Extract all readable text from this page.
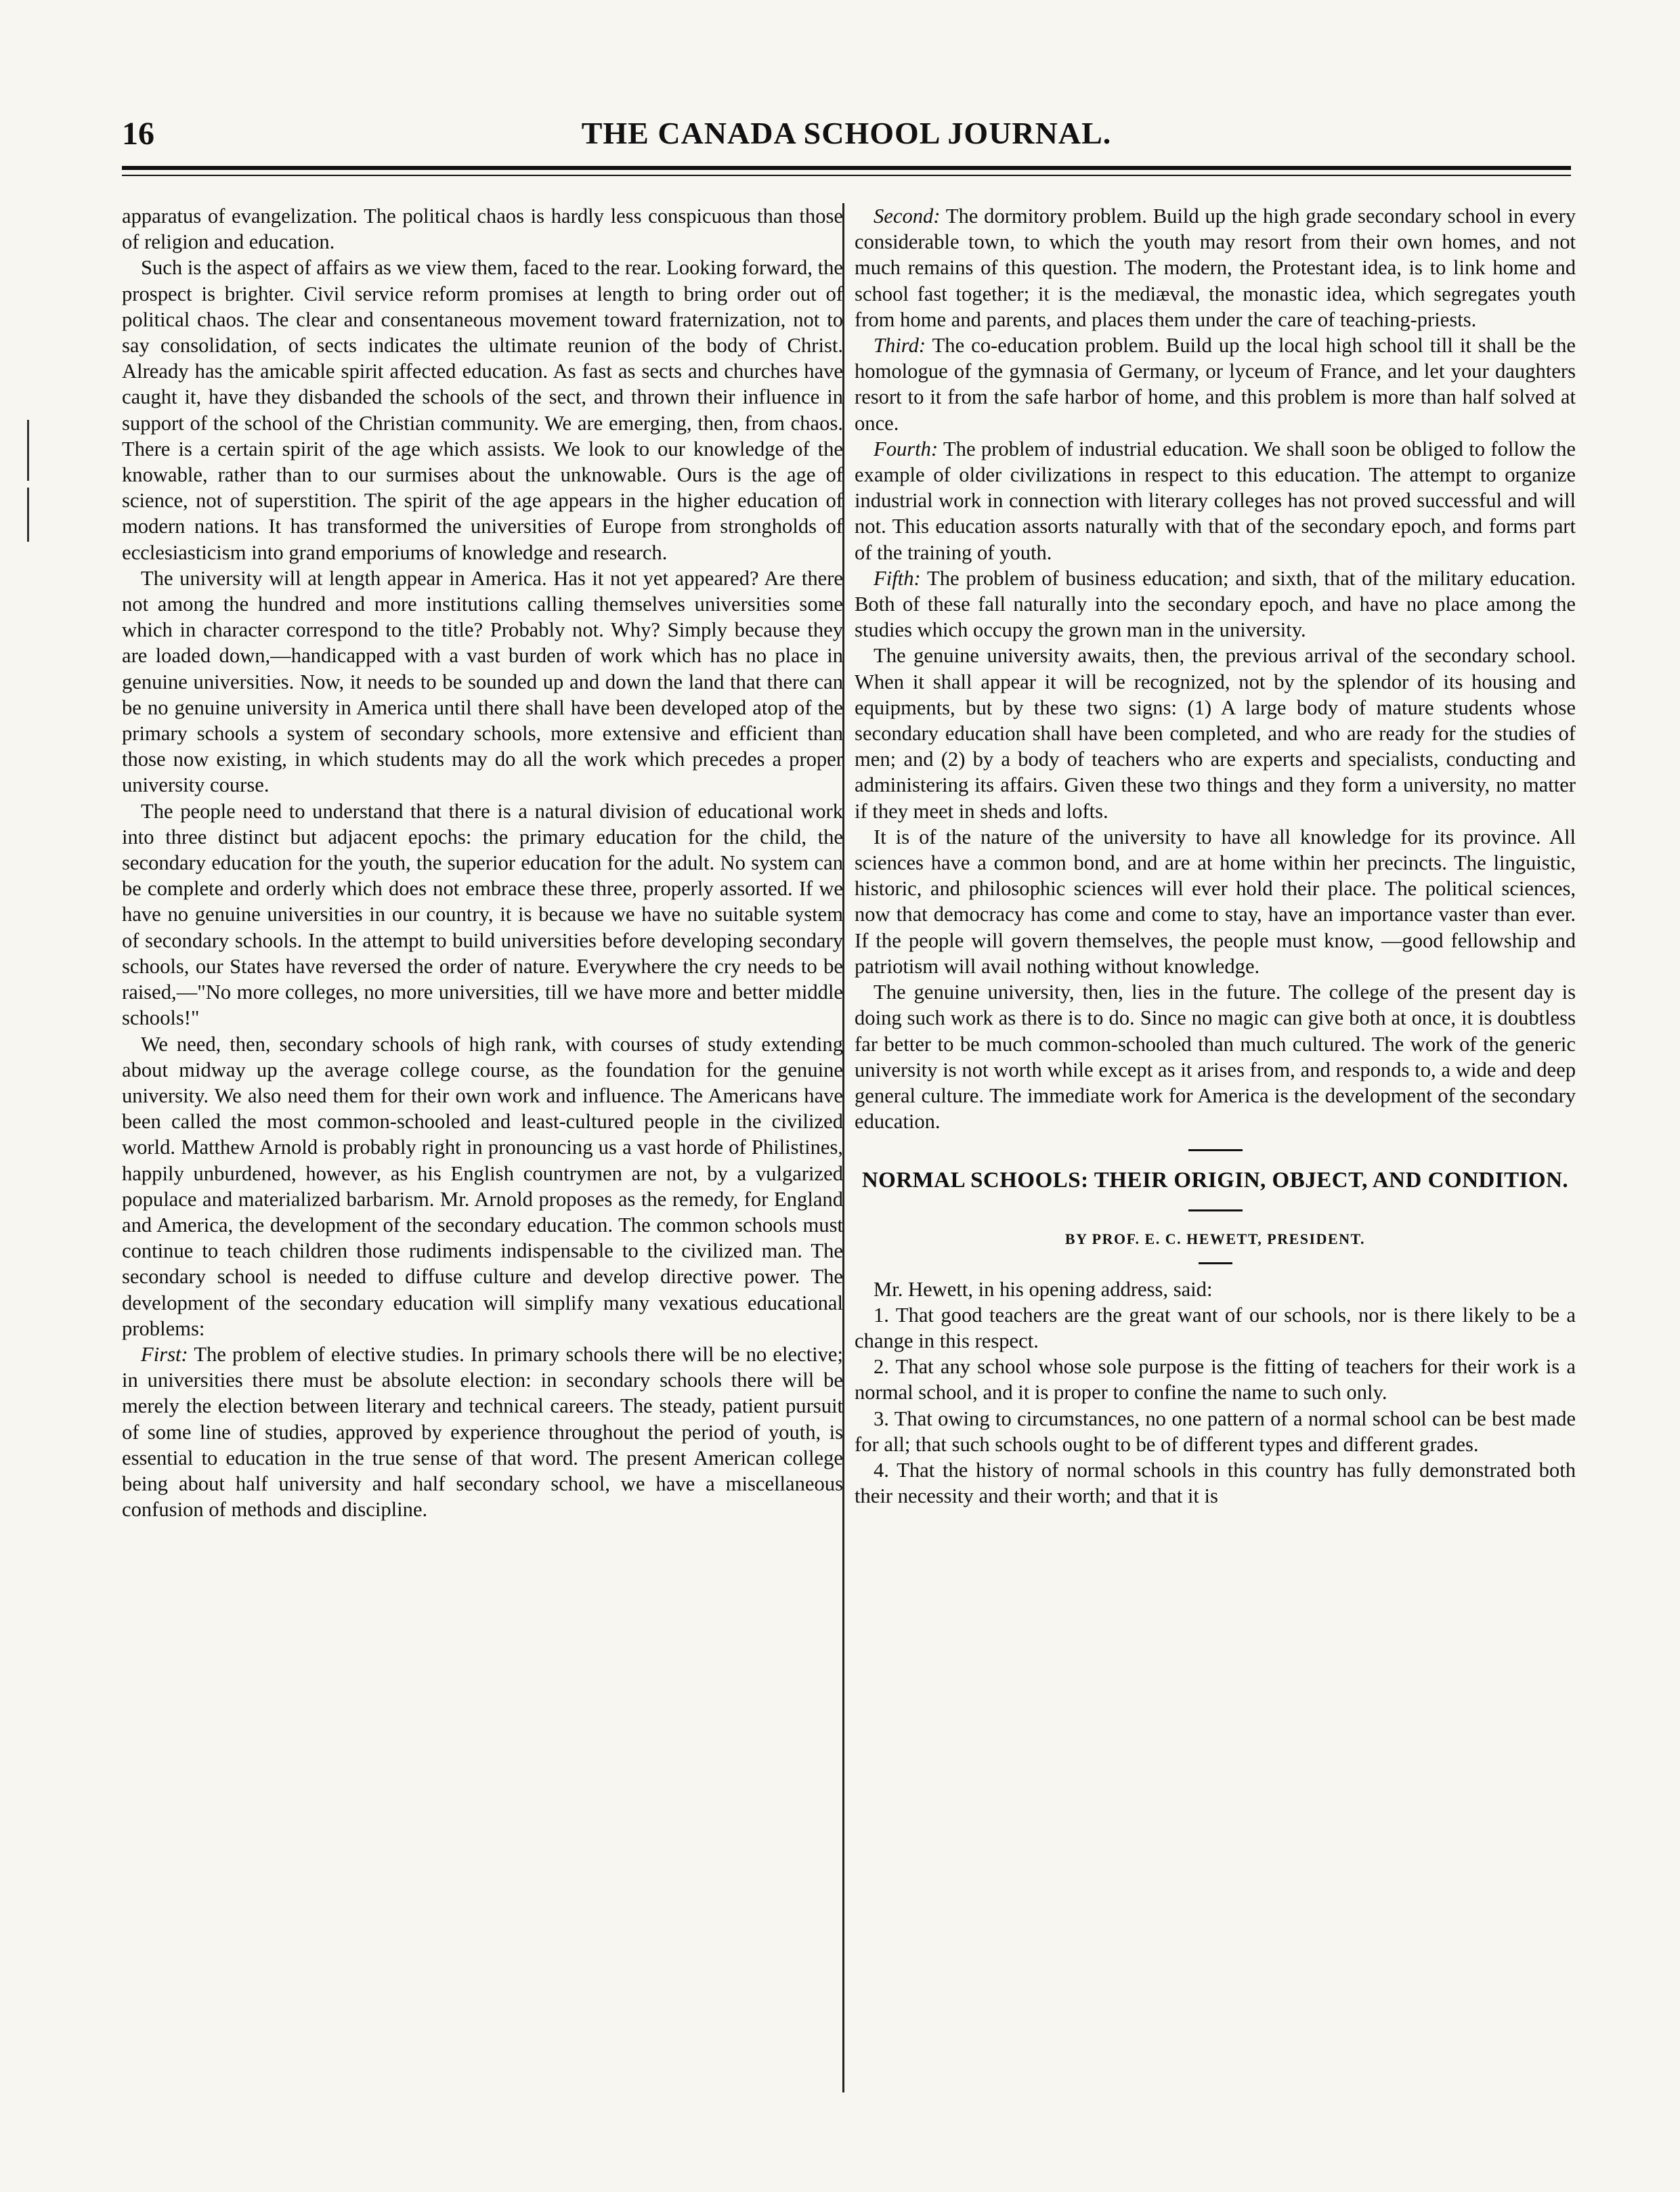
16	THE CANADA SCHOOL JOURNAL.

apparatus of evangelization. The political chaos is hardly less conspicuous than those of religion and education.

Such is the aspect of affairs as we view them, faced to the rear. Looking forward, the prospect is brighter. Civil service reform promises at length to bring order out of political chaos. The clear and consentaneous movement toward fraternization, not to say consolidation, of sects indicates the ultimate reunion of the body of Christ. Already has the amicable spirit affected education. As fast as sects and churches have caught it, have they disbanded the schools of the sect, and thrown their influence in support of the school of the Christian community. We are emerging, then, from chaos. There is a certain spirit of the age which assists. We look to our knowledge of the knowable, rather than to our surmises about the unknowable. Ours is the age of science, not of superstition. The spirit of the age appears in the higher education of modern nations. It has transformed the universities of Europe from strongholds of ecclesiasticism into grand emporiums of knowledge and research.

The university will at length appear in America. Has it not yet appeared? Are there not among the hundred and more institutions calling themselves universities some which in character correspond to the title? Probably not. Why? Simply because they are loaded down,—handicapped with a vast burden of work which has no place in genuine universities. Now, it needs to be sounded up and down the land that there can be no genuine university in America until there shall have been developed atop of the primary schools a system of secondary schools, more extensive and efficient than those now existing, in which students may do all the work which precedes a proper university course.

The people need to understand that there is a natural division of educational work into three distinct but adjacent epochs: the primary education for the child, the secondary education for the youth, the superior education for the adult. No system can be complete and orderly which does not embrace these three, properly assorted. If we have no genuine universities in our country, it is because we have no suitable system of secondary schools. In the attempt to build universities before developing secondary schools, our States have reversed the order of nature. Everywhere the cry needs to be raised,—"No more colleges, no more universities, till we have more and better middle schools!"

We need, then, secondary schools of high rank, with courses of study extending about midway up the average college course, as the foundation for the genuine university. We also need them for their own work and influence. The Americans have been called the most common-schooled and least-cultured people in the civilized world. Matthew Arnold is probably right in pronouncing us a vast horde of Philistines, happily unburdened, however, as his English countrymen are not, by a vulgarized populace and materialized barbarism. Mr. Arnold proposes as the remedy, for England and America, the development of the secondary education. The common schools must continue to teach children those rudiments indispensable to the civilized man. The secondary school is needed to diffuse culture and develop directive power. The development of the secondary education will simplify many vexatious educational problems:

First: The problem of elective studies. In primary schools there will be no elective; in universities there must be absolute election: in secondary schools there will be merely the election between literary and technical careers. The steady, patient pursuit of some line of studies, approved by experience throughout the period of youth, is essential to education in the true sense of that word. The present American college being about half university and half secondary school, we have a miscellaneous confusion of methods and discipline.

Second: The dormitory problem. Build up the high grade secondary school in every considerable town, to which the youth may resort from their own homes, and not much remains of this question. The modern, the Protestant idea, is to link home and school fast together; it is the mediæval, the monastic idea, which segregates youth from home and parents, and places them under the care of teaching-priests.

Third: The co-education problem. Build up the local high school till it shall be the homologue of the gymnasia of Germany, or lyceum of France, and let your daughters resort to it from the safe harbor of home, and this problem is more than half solved at once.

Fourth: The problem of industrial education. We shall soon be obliged to follow the example of older civilizations in respect to this education. The attempt to organize industrial work in connection with literary colleges has not proved successful and will not. This education assorts naturally with that of the secondary epoch, and forms part of the training of youth.

Fifth: The problem of business education; and sixth, that of the military education. Both of these fall naturally into the secondary epoch, and have no place among the studies which occupy the grown man in the university.

The genuine university awaits, then, the previous arrival of the secondary school. When it shall appear it will be recognized, not by the splendor of its housing and equipments, but by these two signs: (1) A large body of mature students whose secondary education shall have been completed, and who are ready for the studies of men; and (2) by a body of teachers who are experts and specialists, conducting and administering its affairs. Given these two things and they form a university, no matter if they meet in sheds and lofts.

It is of the nature of the university to have all knowledge for its province. All sciences have a common bond, and are at home within her precincts. The linguistic, historic, and philosophic sciences will ever hold their place. The political sciences, now that democracy has come and come to stay, have an importance vaster than ever. If the people will govern themselves, the people must know, —good fellowship and patriotism will avail nothing without knowledge.

The genuine university, then, lies in the future. The college of the present day is doing such work as there is to do. Since no magic can give both at once, it is doubtless far better to be much common-schooled than much cultured. The work of the generic university is not worth while except as it arises from, and responds to, a wide and deep general culture. The immediate work for America is the development of the secondary education.

NORMAL SCHOOLS: THEIR ORIGIN, OBJECT, AND CONDITION.
BY PROF. E. C. HEWETT, PRESIDENT.

Mr. Hewett, in his opening address, said:

1. That good teachers are the great want of our schools, nor is there likely to be a change in this respect.

2. That any school whose sole purpose is the fitting of teachers for their work is a normal school, and it is proper to confine the name to such only.

3. That owing to circumstances, no one pattern of a normal school can be best made for all; that such schools ought to be of different types and different grades.

4. That the history of normal schools in this country has fully demonstrated both their necessity and their worth; and that it is
